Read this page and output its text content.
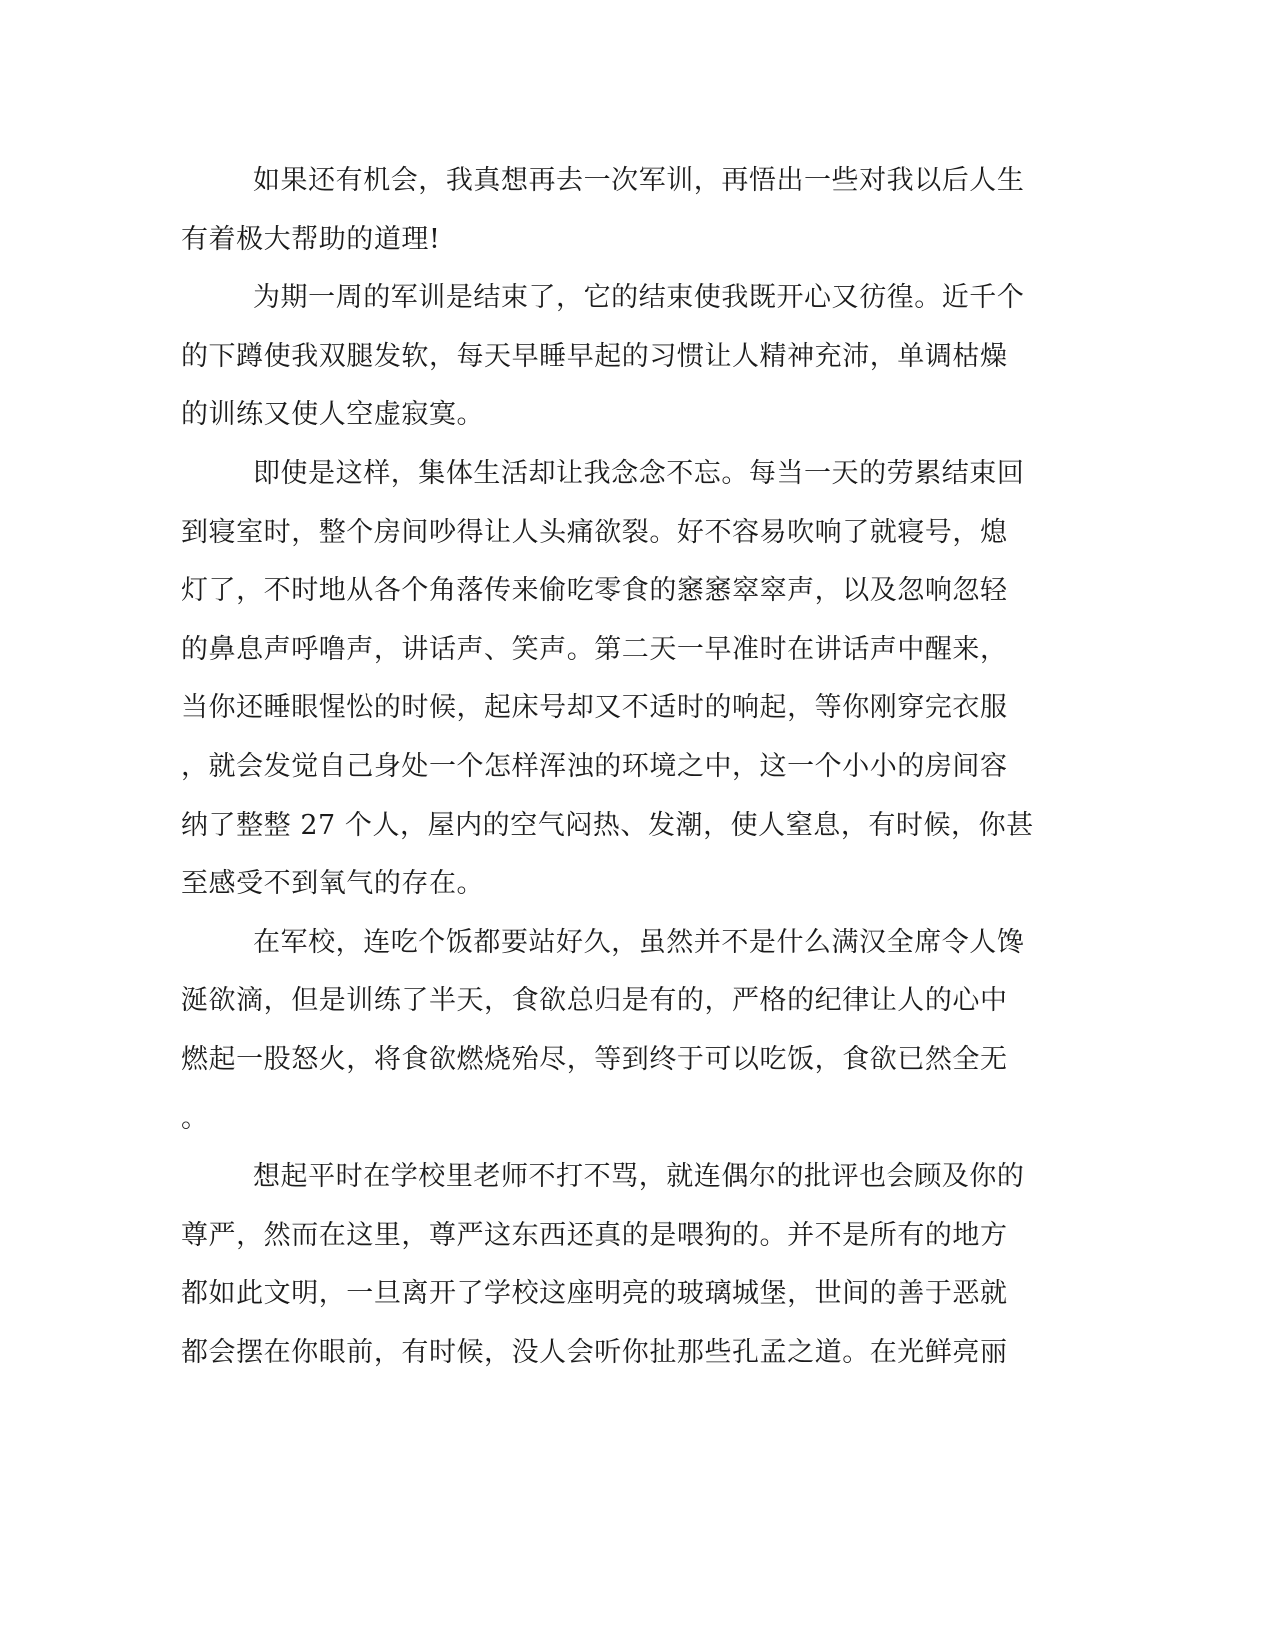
如果还有机会，我真想再去一次军训，再悟出一些对我以后人生
有着极大帮助的道理!
为期一周的军训是结束了，它的结束使我既开心又彷徨。近千个
的下蹲使我双腿发软，每天早睡早起的习惯让人精神充沛，单调枯燥
的训练又使人空虚寂寞。
即使是这样，集体生活却让我念念不忘。每当一天的劳累结束回
到寝室时，整个房间吵得让人头痛欲裂。好不容易吹响了就寝号，熄
灯了，不时地从各个角落传来偷吃零食的窸窸窣窣声，以及忽响忽轻
的鼻息声呼噜声，讲话声、笑声。第二天一早准时在讲话声中醒来，
当你还睡眼惺忪的时候，起床号却又不适时的响起，等你刚穿完衣服
，就会发觉自己身处一个怎样浑浊的环境之中，这一个小小的房间容
纳了整整 27 个人，屋内的空气闷热、发潮，使人窒息，有时候，你甚
至感受不到氧气的存在。
在军校，连吃个饭都要站好久，虽然并不是什么满汉全席令人馋
涎欲滴，但是训练了半天，食欲总归是有的，严格的纪律让人的心中
燃起一股怒火，将食欲燃烧殆尽，等到终于可以吃饭，食欲已然全无
。
想起平时在学校里老师不打不骂，就连偶尔的批评也会顾及你的
尊严，然而在这里，尊严这东西还真的是喂狗的。并不是所有的地方
都如此文明，一旦离开了学校这座明亮的玻璃城堡，世间的善于恶就
都会摆在你眼前，有时候，没人会听你扯那些孔孟之道。在光鲜亮丽
